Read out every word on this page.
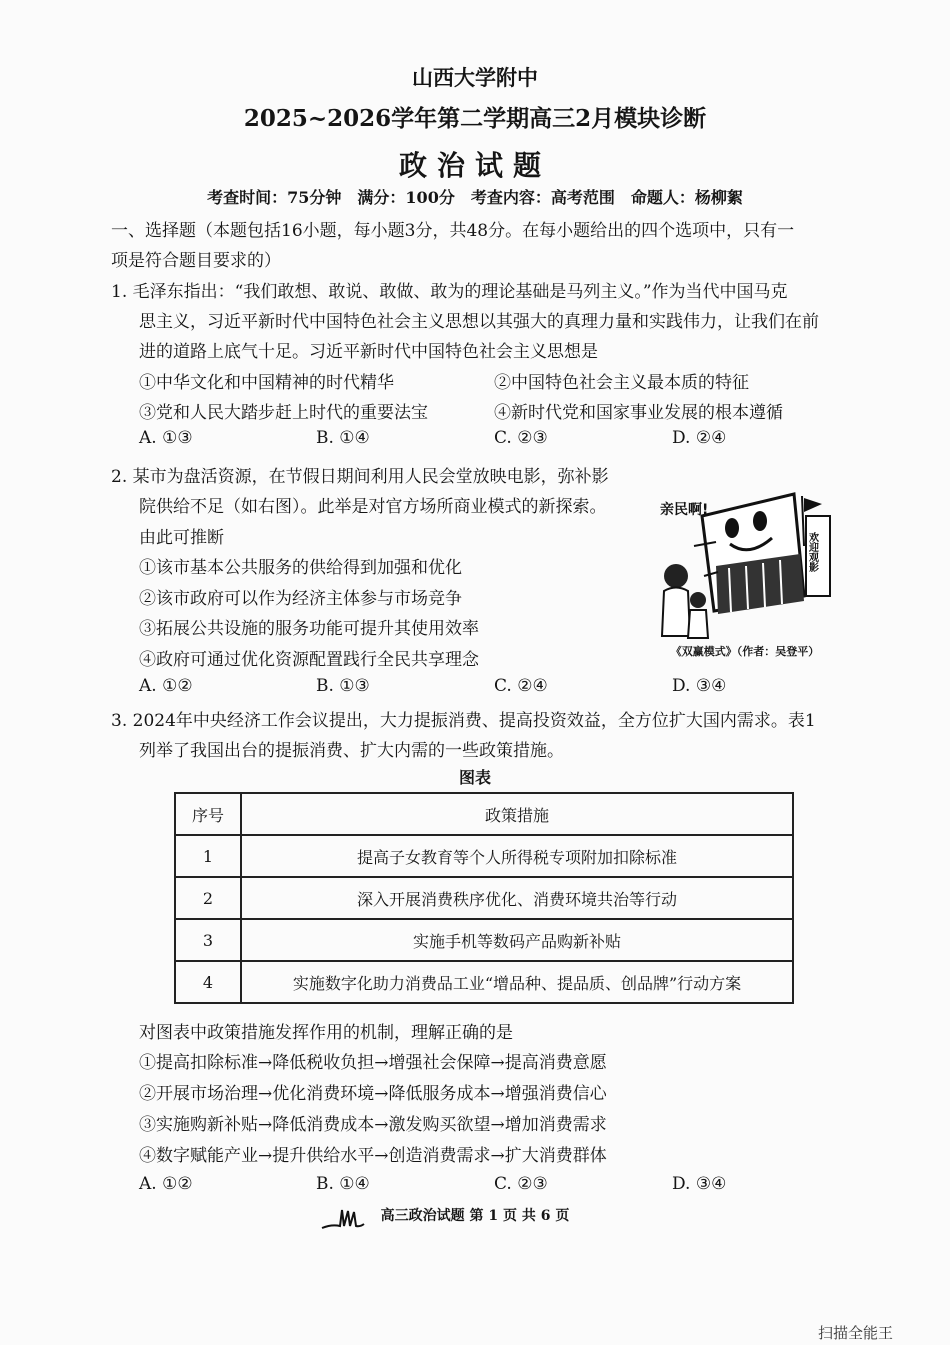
山西大学附中
2025~2026学年第二学期高三2月模块诊断
政治试题
考查时间：75分钟　满分：100分　考查内容：高考范围　命题人：杨柳絮
一、选择题（本题包括16小题，每小题3分，共48分。在每小题给出的四个选项中，只有一
项是符合题目要求的）
1. 毛泽东指出：“我们敢想、敢说、敢做、敢为的理论基础是马列主义。”作为当代中国马克
思主义，习近平新时代中国特色社会主义思想以其强大的真理力量和实践伟力，让我们在前
进的道路上底气十足。习近平新时代中国特色社会主义思想是
①中华文化和中国精神的时代精华	②中国特色社会主义最本质的特征
③党和人民大踏步赶上时代的重要法宝	④新时代党和国家事业发展的根本遵循
A. ①③	B. ①④	C. ②③	D. ②④
2. 某市为盘活资源，在节假日期间利用人民会堂放映电影，弥补影
院供给不足（如右图）。此举是对官方场所商业模式的新探索。
由此可推断
①该市基本公共服务的供给得到加强和优化
②该市政府可以作为经济主体参与市场竞争
③拓展公共设施的服务功能可提升其使用效率
④政府可通过优化资源配置践行全民共享理念
A. ①②	B. ①③	C. ②④	D. ③④
亲民啊!
欢迎观影
《双赢模式》（作者：吴登平）
3. 2024年中央经济工作会议提出，大力提振消费、提高投资效益，全方位扩大国内需求。表1
列举了我国出台的提振消费、扩大内需的一些政策措施。
图表
序号	政策措施
1	提高子女教育等个人所得税专项附加扣除标准
2	深入开展消费秩序优化、消费环境共治等行动
3	实施手机等数码产品购新补贴
4	实施数字化助力消费品工业“增品种、提品质、创品牌”行动方案
对图表中政策措施发挥作用的机制，理解正确的是
①提高扣除标准→降低税收负担→增强社会保障→提高消费意愿
②开展市场治理→优化消费环境→降低服务成本→增强消费信心
③实施购新补贴→降低消费成本→激发购买欲望→增加消费需求
④数字赋能产业→提升供给水平→创造消费需求→扩大消费群体
A. ①②	B. ①④	C. ②③	D. ③④
高三政治试题 第 1 页 共 6 页
扫描全能王
